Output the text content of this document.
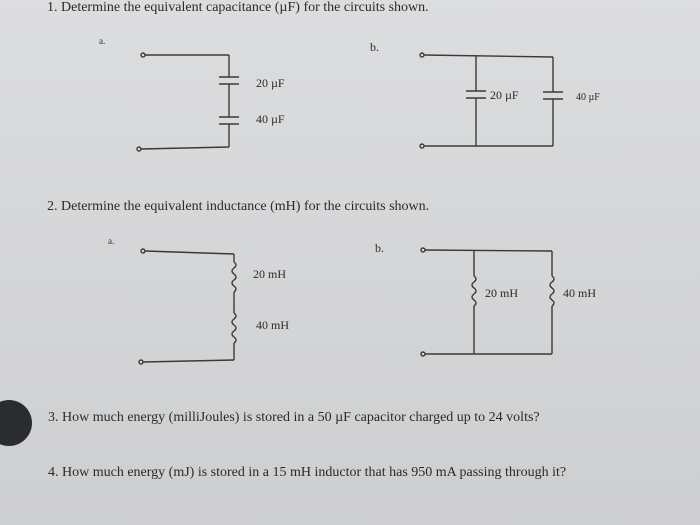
1. Determine the equivalent capacitance (µF) for the circuits shown.
2. Determine the equivalent inductance (mH) for the circuits shown.
3. How much energy (milliJoules) is stored in a 50 µF capacitor charged up to 24 volts?
4. How much energy (mJ) is stored in a 15 mH inductor that has 950 mA passing through it?
a.	b.
a.	b.
20 µF
40 µF
20 µF	40 µF
20 mH
40 mH
20 mH	40 mH
